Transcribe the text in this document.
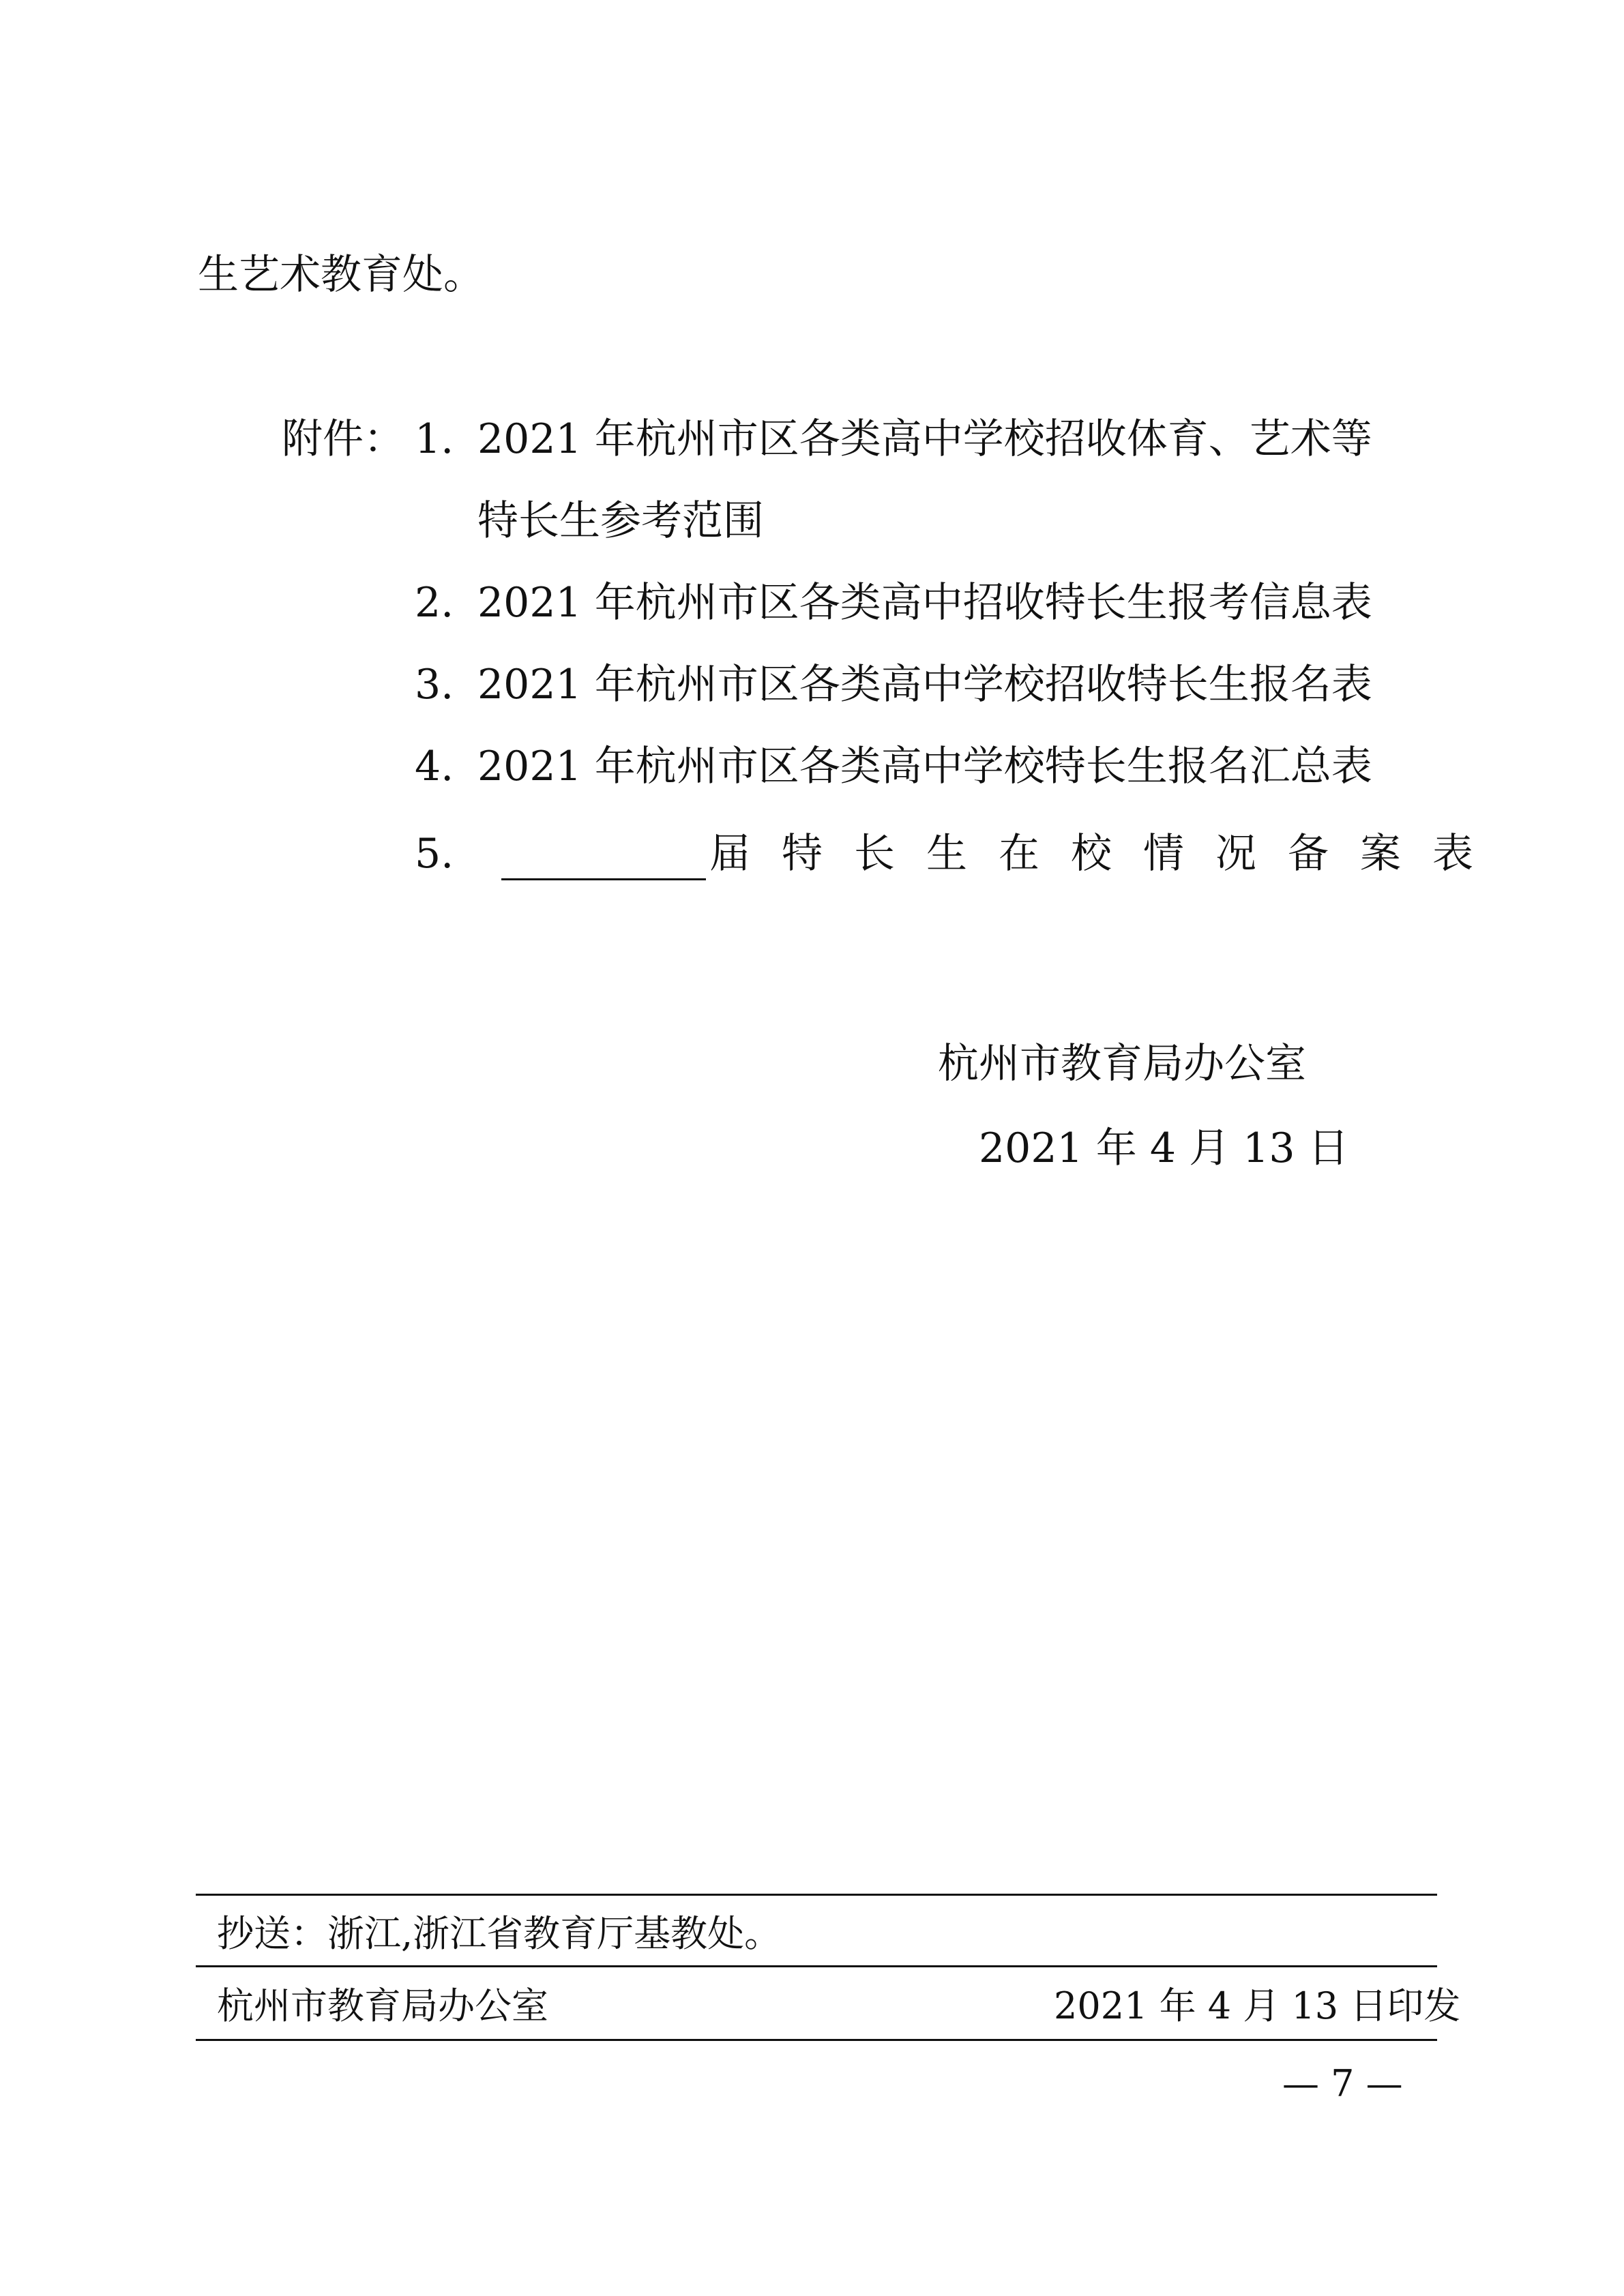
生艺术教育处。
附件： 1. 2021 年杭州市区各类高中学校招收体育、艺术等
特长生参考范围
2. 2021 年杭州市区各类高中招收特长生报考信息表
3. 2021 年杭州市区各类高中学校招收特长生报名表
4. 2021 年杭州市区各类高中学校特长生报名汇总表
5.	届特长生在校情况备案表
杭州市教育局办公室
2021 年 4 月 13 日
抄送：浙江,浙江省教育厅基教处。
杭州市教育局办公室	2021 年 4 月 13 日印发
— 7 —
